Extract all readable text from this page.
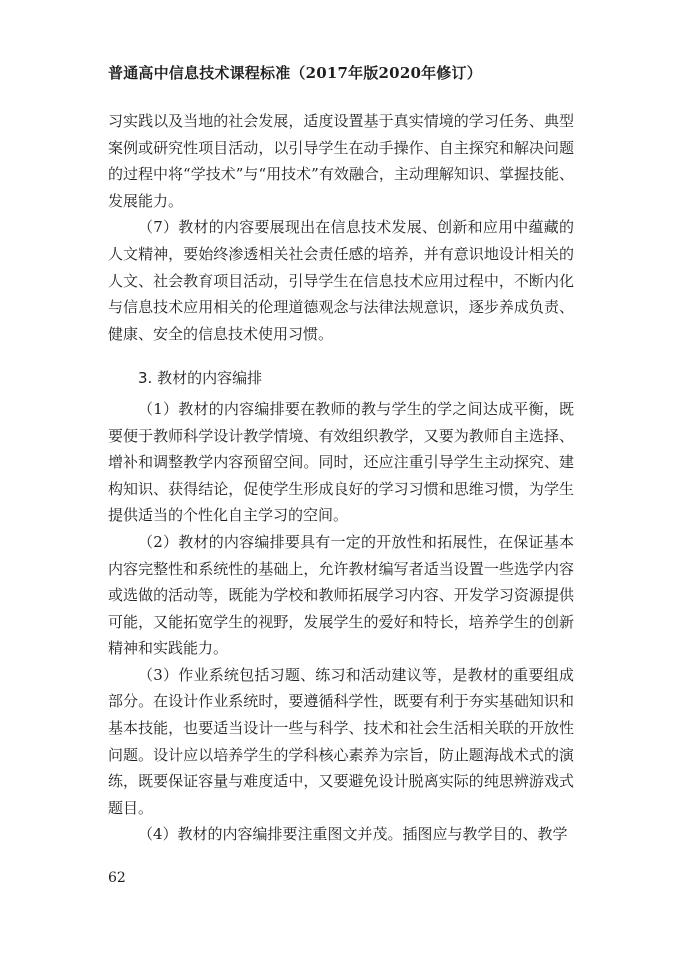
普通高中信息技术课程标准（2017年版2020年修订）

习实践以及当地的社会发展，适度设置基于真实情境的学习任务、典型案例或研究性项目活动，以引导学生在动手操作、自主探究和解决问题的过程中将“学技术”与“用技术”有效融合，主动理解知识、掌握技能、发展能力。

（7）教材的内容要展现出在信息技术发展、创新和应用中蕴藏的人文精神，要始终渗透相关社会责任感的培养，并有意识地设计相关的人文、社会教育项目活动，引导学生在信息技术应用过程中，不断内化与信息技术应用相关的伦理道德观念与法律法规意识，逐步养成负责、健康、安全的信息技术使用习惯。

3. 教材的内容编排

（1）教材的内容编排要在教师的教与学生的学之间达成平衡，既要便于教师科学设计教学情境、有效组织教学，又要为教师自主选择、增补和调整教学内容预留空间。同时，还应注重引导学生主动探究、建构知识、获得结论，促使学生形成良好的学习习惯和思维习惯，为学生提供适当的个性化自主学习的空间。

（2）教材的内容编排要具有一定的开放性和拓展性，在保证基本内容完整性和系统性的基础上，允许教材编写者适当设置一些选学内容或选做的活动等，既能为学校和教师拓展学习内容、开发学习资源提供可能，又能拓宽学生的视野，发展学生的爱好和特长，培养学生的创新精神和实践能力。

（3）作业系统包括习题、练习和活动建议等，是教材的重要组成部分。在设计作业系统时，要遵循科学性，既要有利于夯实基础知识和基本技能，也要适当设计一些与科学、技术和社会生活相关联的开放性问题。设计应以培养学生的学科核心素养为宗旨，防止题海战术式的演练，既要保证容量与难度适中，又要避免设计脱离实际的纯思辨游戏式题目。

（4）教材的内容编排要注重图文并茂。插图应与教学目的、教学

62
